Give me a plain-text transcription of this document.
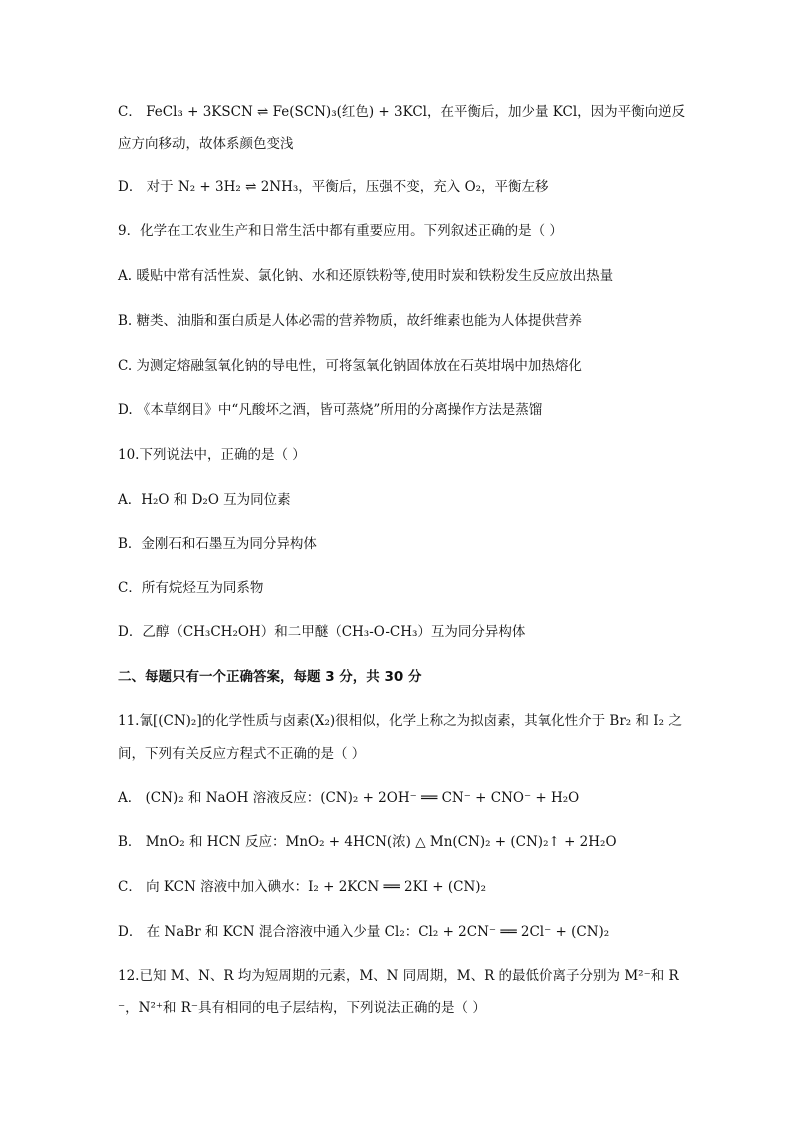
C． FeCl₃ + 3KSCN ⇌ Fe(SCN)₃(红色) + 3KCl，在平衡后，加少量 KCl，因为平衡向逆反
应方向移动，故体系颜色变浅
D． 对于 N₂ + 3H₂ ⇌ 2NH₃，平衡后，压强不变，充入 O₂，平衡左移
9．化学在工农业生产和日常生活中都有重要应用。下列叙述正确的是（ ）
A. 暖贴中常有活性炭、氯化钠、水和还原铁粉等,使用时炭和铁粉发生反应放出热量
B. 糖类、油脂和蛋白质是人体必需的营养物质，故纤维素也能为人体提供营养
C. 为测定熔融氢氧化钠的导电性，可将氢氧化钠固体放在石英坩埚中加热熔化
D. 《本草纲目》中“凡酸坏之酒，皆可蒸烧”所用的分离操作方法是蒸馏
10.下列说法中，正确的是（ ）
A．H₂O 和 D₂O 互为同位素
B．金刚石和石墨互为同分异构体
C．所有烷烃互为同系物
D．乙醇（CH₃CH₂OH）和二甲醚（CH₃-O-CH₃）互为同分异构体
二、每题只有一个正确答案，每题 3 分，共 30 分
11.氰[(CN)₂]的化学性质与卤素(X₂)很相似，化学上称之为拟卤素，其氧化性介于 Br₂ 和 I₂ 之
间，下列有关反应方程式不正确的是（ ）
A． (CN)₂ 和 NaOH 溶液反应：(CN)₂ + 2OH⁻ ══ CN⁻ + CNO⁻ + H₂O
B． MnO₂ 和 HCN 反应：MnO₂ + 4HCN(浓) △ Mn(CN)₂ + (CN)₂↑ + 2H₂O
C． 向 KCN 溶液中加入碘水：I₂ + 2KCN ══ 2KI + (CN)₂
D． 在 NaBr 和 KCN 混合溶液中通入少量 Cl₂：Cl₂ + 2CN⁻ ══ 2Cl⁻ + (CN)₂
12.已知 M、N、R 均为短周期的元素，M、N 同周期，M、R 的最低价离子分别为 M²⁻和 R
⁻，N²⁺和 R⁻具有相同的电子层结构，下列说法正确的是（ ）
